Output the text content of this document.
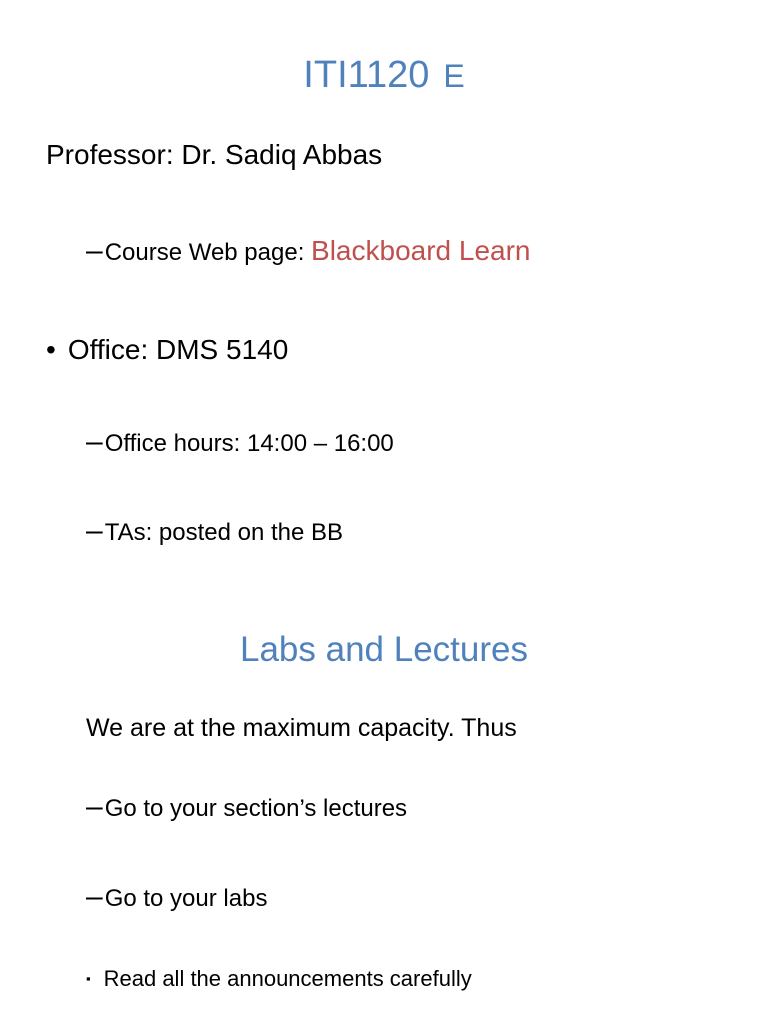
ITI1120 E
Professor: Dr. Sadiq Abbas
–Course Web page: Blackboard Learn
• Office: DMS 5140
–Office hours: 14:00 – 16:00
–TAs: posted on the BB
Labs and Lectures
We are at the maximum capacity. Thus
–Go to your section’s lectures
–Go to your labs
▪ Read all the announcements carefully
